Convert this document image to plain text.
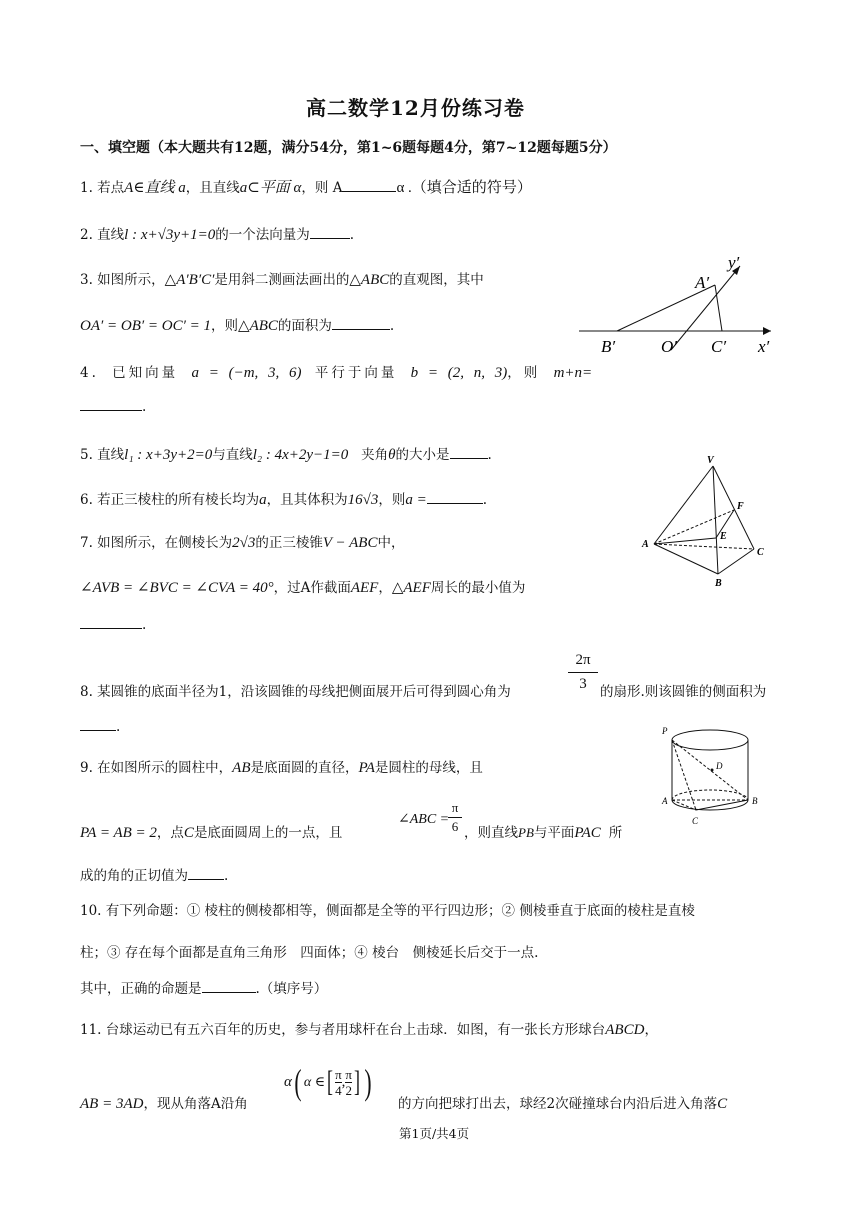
高二数学12月份练习卷
一、填空题（本大题共有12题，满分54分，第1~6题每题4分，第7~12题每题5分）
1. 若点A∈直线 a，且直线a⊂平面 α，则 A	α .（填合适的符号）
2. 直线l : x+√3y+1=0的一个法向量为	.
3. 如图所示，△A′B′C′是用斜二测画法画出的△ABC的直观图，其中
OA′ = OB′ = OC′ = 1，则△ABC的面积为	.
A′
y′
B′	O′ C′ x′
4. 已知向量 a = (−m, 3, 6) 平行于向量 b = (2, n, 3)，则 m+n=
.
5. 直线l₁ : x+3y+2=0与直线l₂ : 4x+2y−1=0 夹角θ的大小是	.
6. 若正三棱柱的所有棱长均为a，且其体积为16√3，则a =	.
V
F
E
A
C
B
7. 如图所示，在侧棱长为2√3的正三棱锥V − ABC中，
∠AVB = ∠BVC = ∠CVA = 40°，过A作截面AEF，△AEF周长的最小值为
.
8. 某圆锥的底面半径为1，沿该圆锥的母线把侧面展开后可得到圆心角为
2π
3 的扇形.则该圆锥的侧面积为
.	P
D
A	B
C
9. 在如图所示的圆柱中，AB是底面圆的直径，PA是圆柱的母线，且
PA = AB = 2，点C是底面圆周上的一点，且
∠ABC =
π
6 ，则直线PB与平面PAC 所
成的角的正切值为	.
10. 有下列命题：① 棱柱的侧棱都相等，侧面都是全等的平行四边形；② 侧棱垂直于底面的棱柱是直棱
柱；③ 存在每个面都是直角三角形　四面体；④ 棱台　侧棱延长后交于一点.
其中，正确的命题是	.（填序号）
11. 台球运动已有五六百年的历史，参与者用球杆在台上击球．如图，有一张长方形球台ABCD，
AB = 3AD，现从角落A沿角
α ( α ∈ [ π
4
, π
2 ] )
的方向把球打出去，球经2次碰撞球台内沿后进入角落C
第1页/共4页
